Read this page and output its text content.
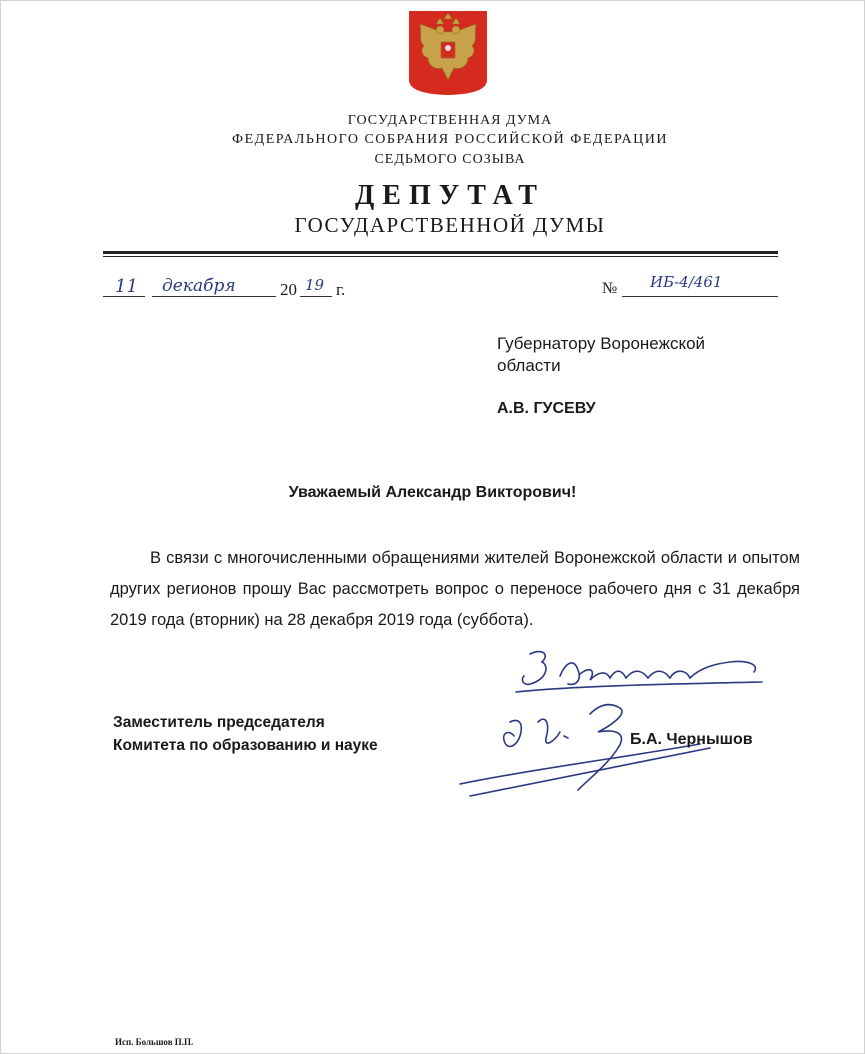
ГОСУДАРСТВЕННАЯ ДУМА
ФЕДЕРАЛЬНОГО СОБРАНИЯ РОССИЙСКОЙ ФЕДЕРАЦИИ
СЕДЬМОГО СОЗЫВА
ДЕПУТАТ
ГОСУДАРСТВЕННОЙ ДУМЫ
11 декабря	20 19 г.	№ ИБ-4/461
Губернатору Воронежской области
А.В. ГУСЕВУ
Уважаемый Александр Викторович!
В связи с многочисленными обращениями жителей Воронежской области и опытом других регионов прошу Вас рассмотреть вопрос о переносе рабочего дня с 31 декабря 2019 года (вторник) на 28 декабря 2019 года (суббота).
Заместитель председателя
Комитета по образованию и науке	Б.А. Чернышов
Исп. Большов П.П.
